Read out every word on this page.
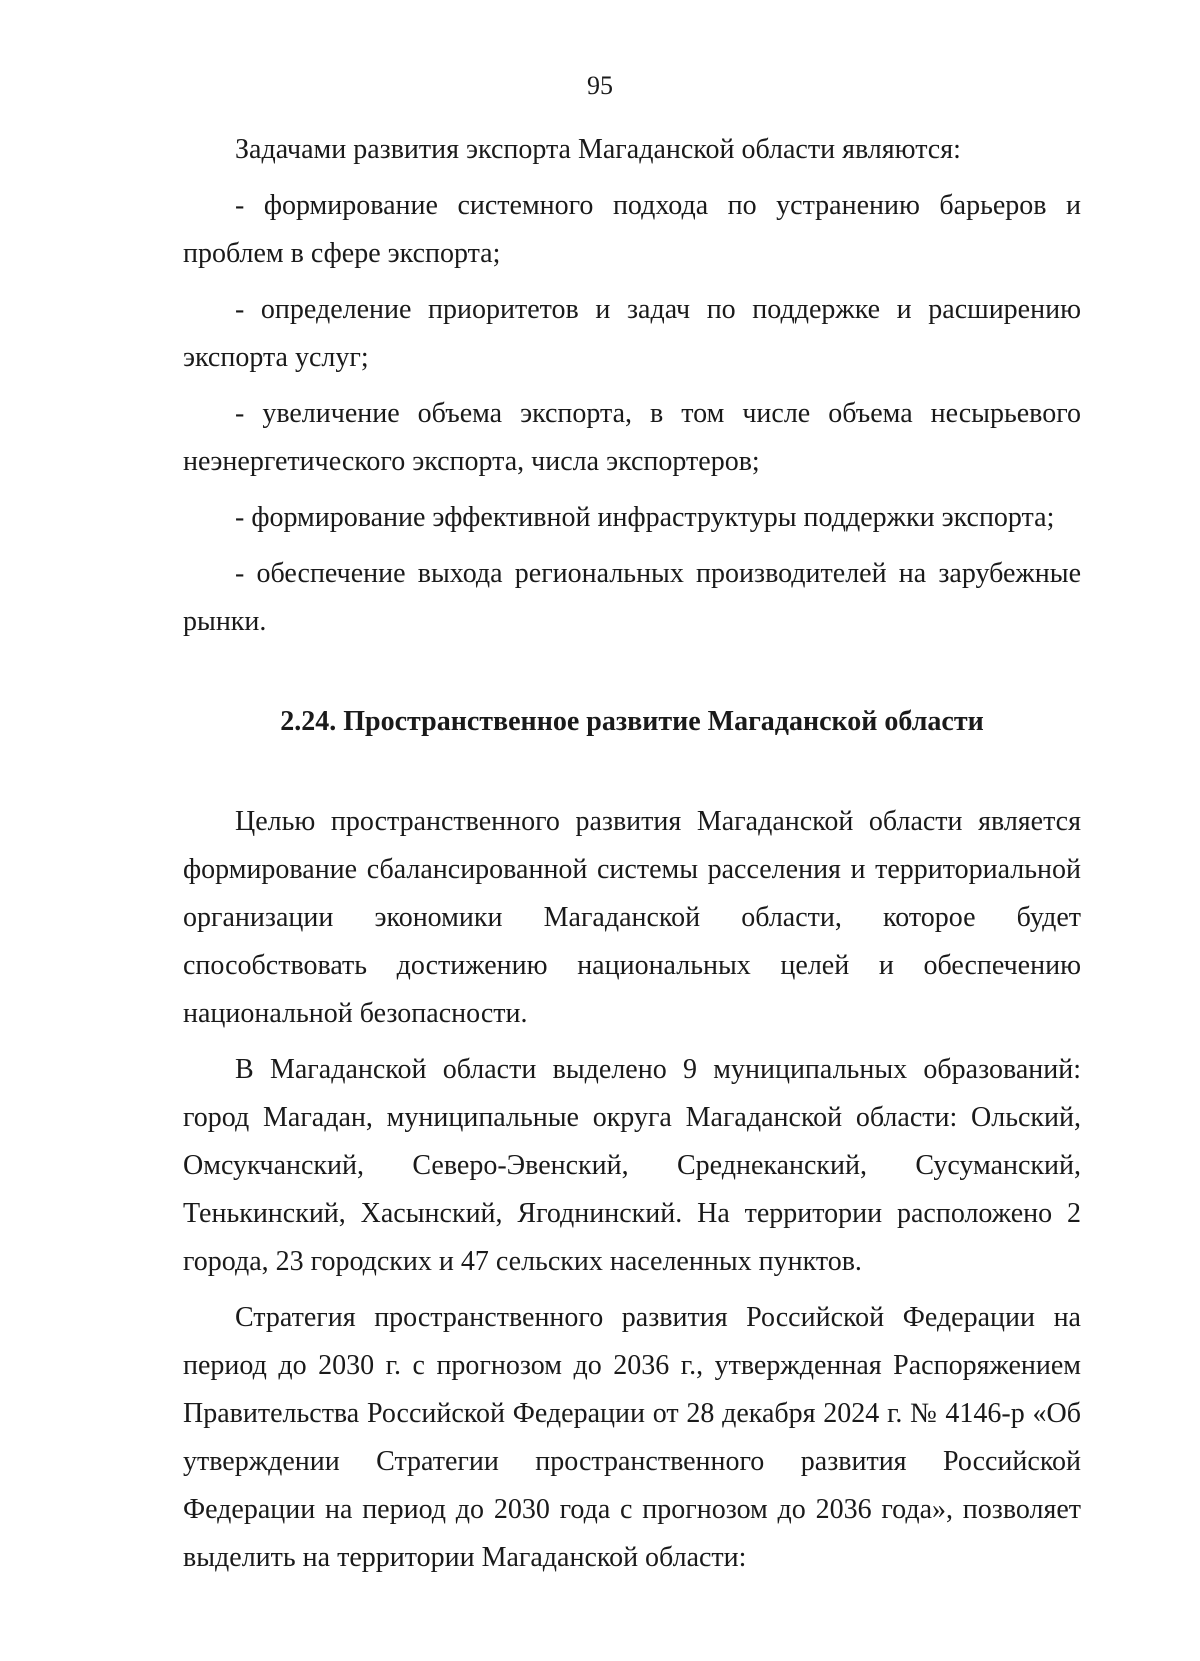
95

Задачами развития экспорта Магаданской области являются:

- формирование системного подхода по устранению барьеров и проблем в сфере экспорта;

- определение приоритетов и задач по поддержке и расширению экспорта услуг;

- увеличение объема экспорта, в том числе объема несырьевого неэнергетического экспорта, числа экспортеров;

- формирование эффективной инфраструктуры поддержки экспорта;

- обеспечение выхода региональных производителей на зарубежные рынки.

2.24. Пространственное развитие Магаданской области

Целью пространственного развития Магаданской области является формирование сбалансированной системы расселения и территориальной организации экономики Магаданской области, которое будет способствовать достижению национальных целей и обеспечению национальной безопасности.

В Магаданской области выделено 9 муниципальных образований: город Магадан, муниципальные округа Магаданской области: Ольский, Омсукчанский, Северо-Эвенский, Среднеканский, Сусуманский, Тенькинский, Хасынский, Ягоднинский. На территории расположено 2 города, 23 городских и 47 сельских населенных пунктов.

Стратегия пространственного развития Российской Федерации на период до 2030 г. с прогнозом до 2036 г., утвержденная Распоряжением Правительства Российской Федерации от 28 декабря 2024 г. № 4146-р «Об утверждении Стратегии пространственного развития Российской Федерации на период до 2030 года с прогнозом до 2036 года», позволяет выделить на территории Магаданской области:
